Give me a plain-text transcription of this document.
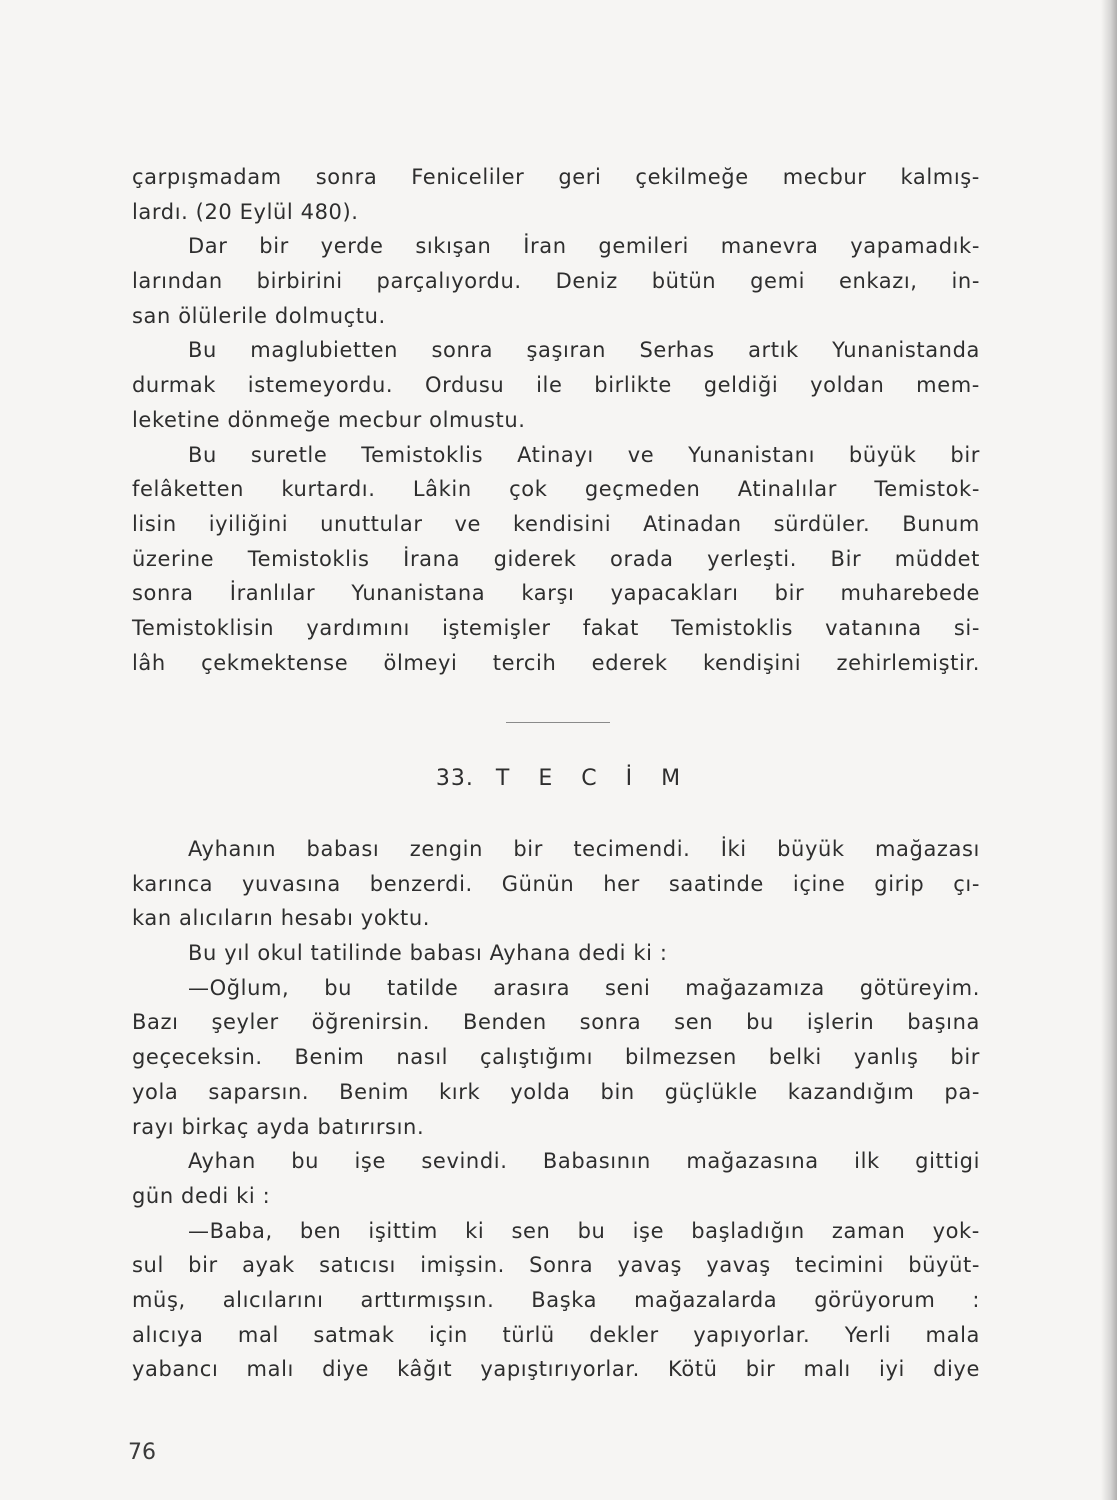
çarpışmadam sonra Feniceliler geri çekilmeğe mecbur kalmış-
lardı. (20 Eylül 480).
Dar bir yerde sıkışan İran gemileri manevra yapamadık-
larından birbirini parçalıyordu. Deniz bütün gemi enkazı, in-
san ölülerile dolmuçtu.
Bu maglubietten sonra şaşıran Serhas artık Yunanistanda
durmak istemeyordu. Ordusu ile birlikte geldiği yoldan mem-
leketine dönmeğe mecbur olmustu.
Bu suretle Temistoklis Atinayı ve Yunanistanı büyük bir
felâketten kurtardı. Lâkin çok geçmeden Atinalılar Temistok-
lisin iyiliğini unuttular ve kendisini Atinadan sürdüler. Bunum
üzerine Temistoklis İrana giderek orada yerleşti. Bir müddet
sonra İranlılar Yunanistana karşı yapacakları bir muharebede
Temistoklisin yardımını iştemişler fakat Temistoklis vatanına si-
lâh çekmektense ölmeyi tercih ederek kendişini zehirlemiştir.
33. T E C İ M
Ayhanın babası zengin bir tecimendi. İki büyük mağazası
karınca yuvasına benzerdi. Günün her saatinde içine girip çı-
kan alıcıların hesabı yoktu.
Bu yıl okul tatilinde babası Ayhana dedi ki :
—Oğlum, bu tatilde arasıra seni mağazamıza götüreyim.
Bazı şeyler öğrenirsin. Benden sonra sen bu işlerin başına
geçeceksin. Benim nasıl çalıştığımı bilmezsen belki yanlış bir
yola saparsın. Benim kırk yolda bin güçlükle kazandığım pa-
rayı birkaç ayda batırırsın.
Ayhan bu işe sevindi. Babasının mağazasına ilk gittigi
gün dedi ki :
—Baba, ben işittim ki sen bu işe başladığın zaman yok-
sul bir ayak satıcısı imişsin. Sonra yavaş yavaş tecimini büyüt-
müş, alıcılarını arttırmışsın. Başka mağazalarda görüyorum :
alıcıya mal satmak için türlü dekler yapıyorlar. Yerli mala
yabancı malı diye kâğıt yapıştırıyorlar. Kötü bir malı iyi diye
76
